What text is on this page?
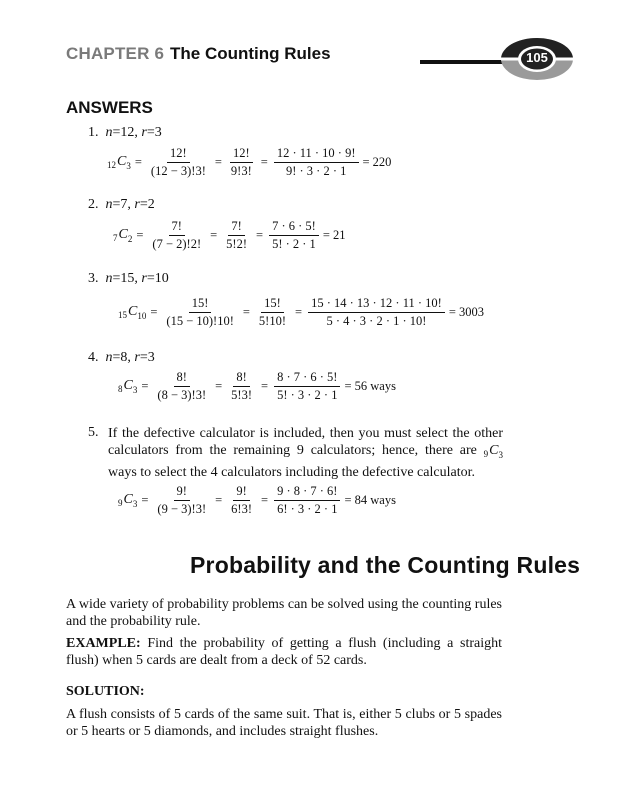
CHAPTER 6 The Counting Rules	105
ANSWERS
1. n=12, r=3
$_{12}C_3 = \frac{12!}{(12 - 3)!3!} = \frac{12!}{9!3!} = \frac{12 \cdot 11 \cdot 10 \cdot 9!}{9! \cdot 3 \cdot 2 \cdot 1} = 220$
2. n=7, r=2
$_7C_2 = \frac{7!}{(7 - 2)!2!} = \frac{7!}{5!2!} = \frac{7 \cdot 6 \cdot 5!}{5! \cdot 2 \cdot 1} = 21$
3. n=15, r=10
$_{15}C_{10} = \frac{15!}{(15 - 10)!10!} = \frac{15!}{5!10!} = \frac{15 \cdot 14 \cdot 13 \cdot 12 \cdot 11 \cdot 10!}{5 \cdot 4 \cdot 3 \cdot 2 \cdot 1 \cdot 10!} = 3003$
4. n=8, r=3
$_8C_3 = \frac{8!}{(8 - 3)!3!} = \frac{8!}{5!3!} = \frac{8 \cdot 7 \cdot 6 \cdot 5!}{5! \cdot 3 \cdot 2 \cdot 1} = 56$ ways
5. If the defective calculator is included, then you must select the other calculators from the remaining 9 calculators; hence, there are $_9C_3$ ways to select the 4 calculators including the defective calculator.
$_9C_3 = \frac{9!}{(9 - 3)!3!} = \frac{9!}{6!3!} = \frac{9 \cdot 8 \cdot 7 \cdot 6!}{6! \cdot 3 \cdot 2 \cdot 1} = 84$ ways
Probability and the Counting Rules
A wide variety of probability problems can be solved using the counting rules and the probability rule.
EXAMPLE: Find the probability of getting a flush (including a straight flush) when 5 cards are dealt from a deck of 52 cards.
SOLUTION:
A flush consists of 5 cards of the same suit. That is, either 5 clubs or 5 spades or 5 hearts or 5 diamonds, and includes straight flushes.
